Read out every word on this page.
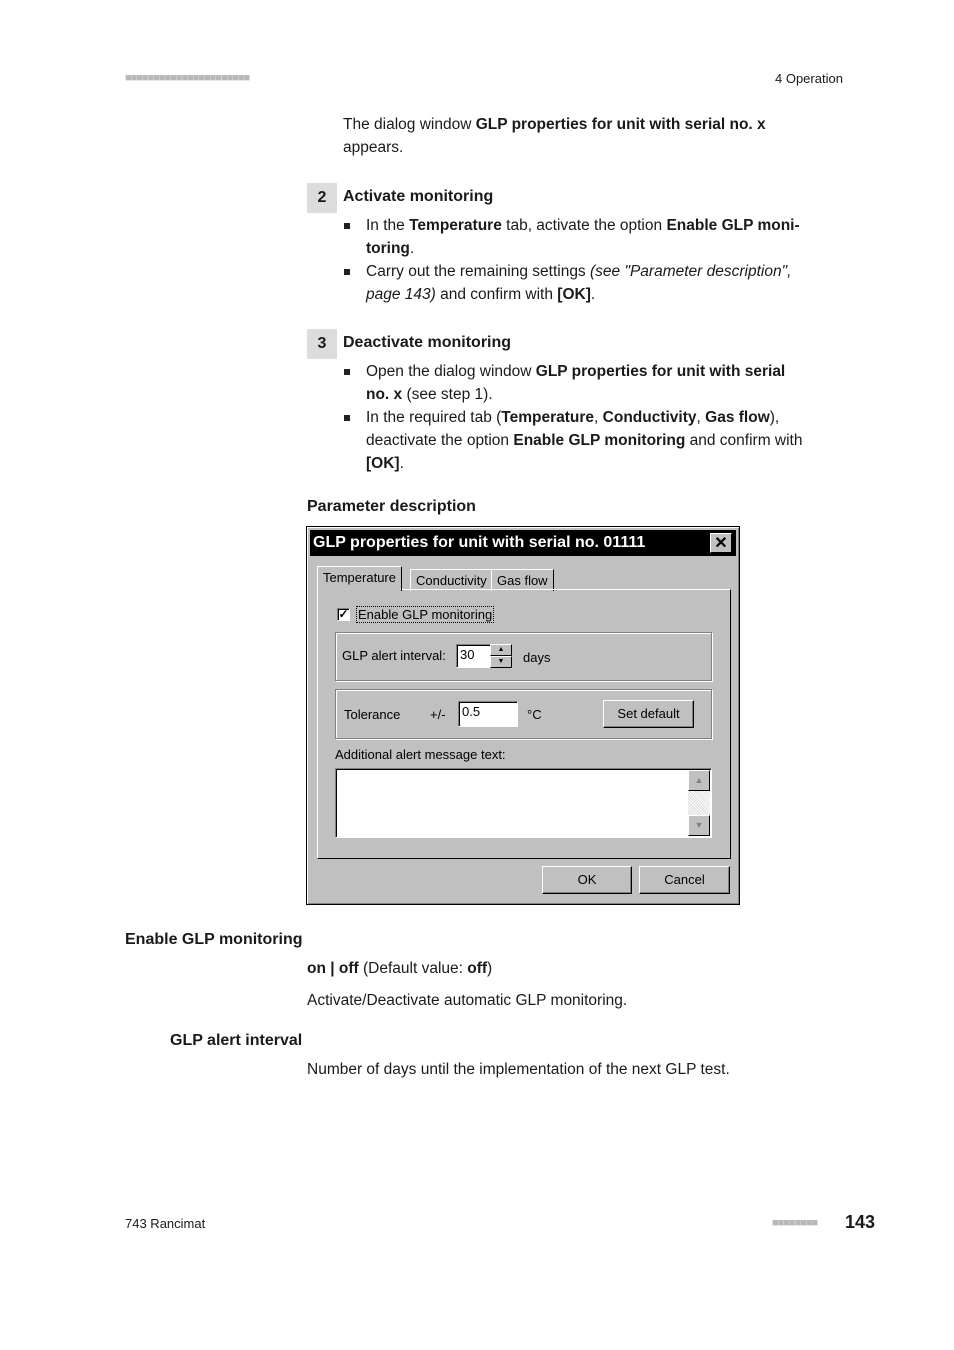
■■■■■■■■■■■■■■■■■■■■■■	4 Operation
The dialog window GLP properties for unit with serial no. x
appears.
2	Activate monitoring
In the Temperature tab, activate the option Enable GLP moni-
toring.
Carry out the remaining settings (see "Parameter description",
page 143) and confirm with [OK].
3	Deactivate monitoring
Open the dialog window GLP properties for unit with serial
no. x (see step 1).
In the required tab (Temperature, Conductivity, Gas flow),
deactivate the option Enable GLP monitoring and confirm with
[OK].
Parameter description
GLP properties for unit with serial no. 01111	✕
Temperature	Conductivity Gas flow
✓ Enable GLP monitoring
GLP alert interval:	30	▲
▼	days
Tolerance +/-	0.5	°C	Set default
Additional alert message text:
▲
▼
OK	Cancel
Enable GLP monitoring
on | off (Default value: off)
Activate/Deactivate automatic GLP monitoring.
GLP alert interval
Number of days until the implementation of the next GLP test.
743 Rancimat	■■■■■■■■ 143
